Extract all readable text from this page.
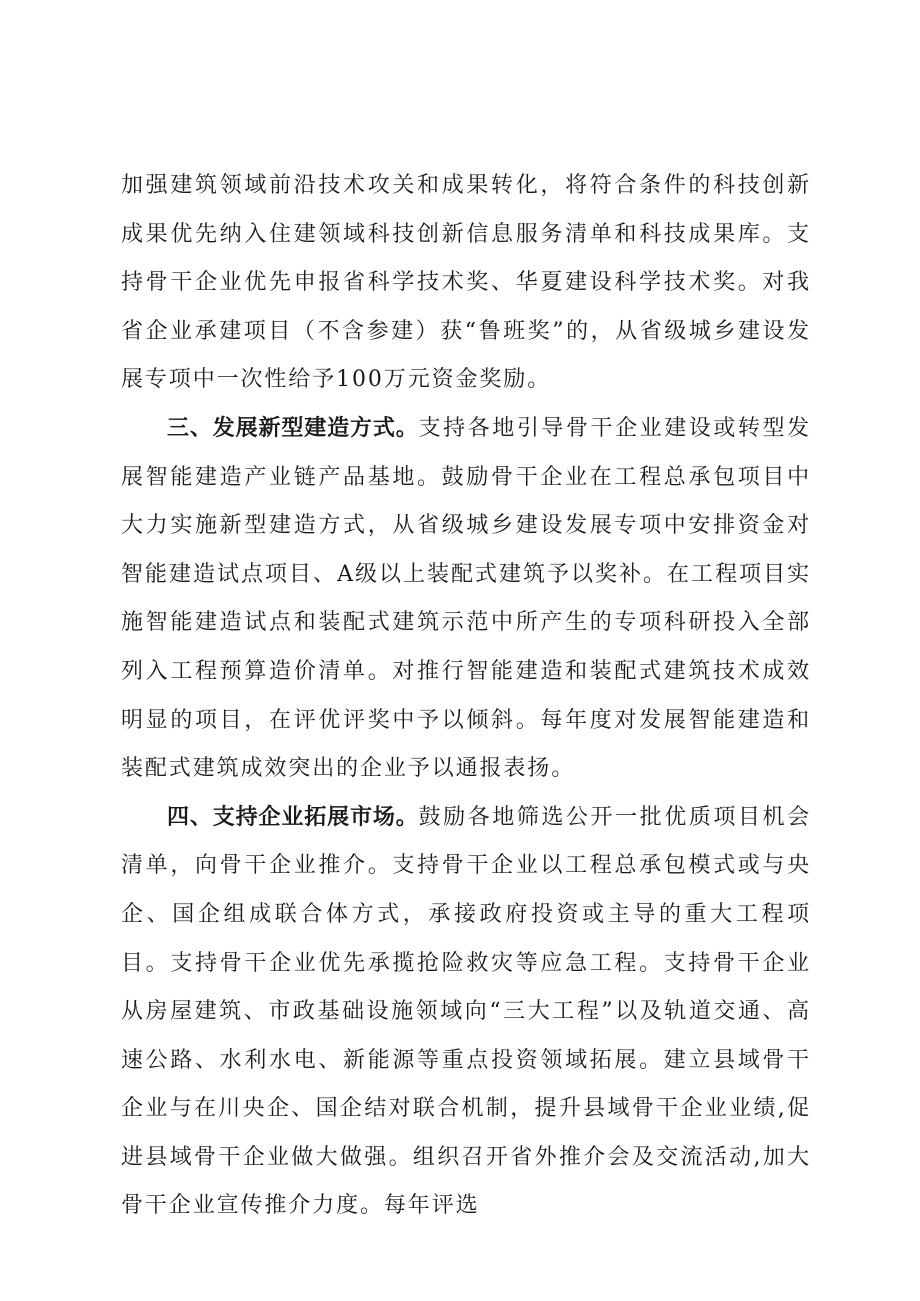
加强建筑领域前沿技术攻关和成果转化，将符合条件的科技创新成果优先纳入住建领域科技创新信息服务清单和科技成果库。支持骨干企业优先申报省科学技术奖、华夏建设科学技术奖。对我省企业承建项目（不含参建）获“鲁班奖”的，从省级城乡建设发展专项中一次性给予100万元资金奖励。

三、发展新型建造方式。支持各地引导骨干企业建设或转型发展智能建造产业链产品基地。鼓励骨干企业在工程总承包项目中大力实施新型建造方式，从省级城乡建设发展专项中安排资金对智能建造试点项目、A级以上装配式建筑予以奖补。在工程项目实施智能建造试点和装配式建筑示范中所产生的专项科研投入全部列入工程预算造价清单。对推行智能建造和装配式建筑技术成效明显的项目，在评优评奖中予以倾斜。每年度对发展智能建造和装配式建筑成效突出的企业予以通报表扬。

四、支持企业拓展市场。鼓励各地筛选公开一批优质项目机会清单，向骨干企业推介。支持骨干企业以工程总承包模式或与央企、国企组成联合体方式，承接政府投资或主导的重大工程项目。支持骨干企业优先承揽抢险救灾等应急工程。支持骨干企业从房屋建筑、市政基础设施领域向“三大工程”以及轨道交通、高速公路、水利水电、新能源等重点投资领域拓展。建立县域骨干企业与在川央企、国企结对联合机制，提升县域骨干企业业绩,促进县域骨干企业做大做强。组织召开省外推介会及交流活动,加大骨干企业宣传推介力度。每年评选
